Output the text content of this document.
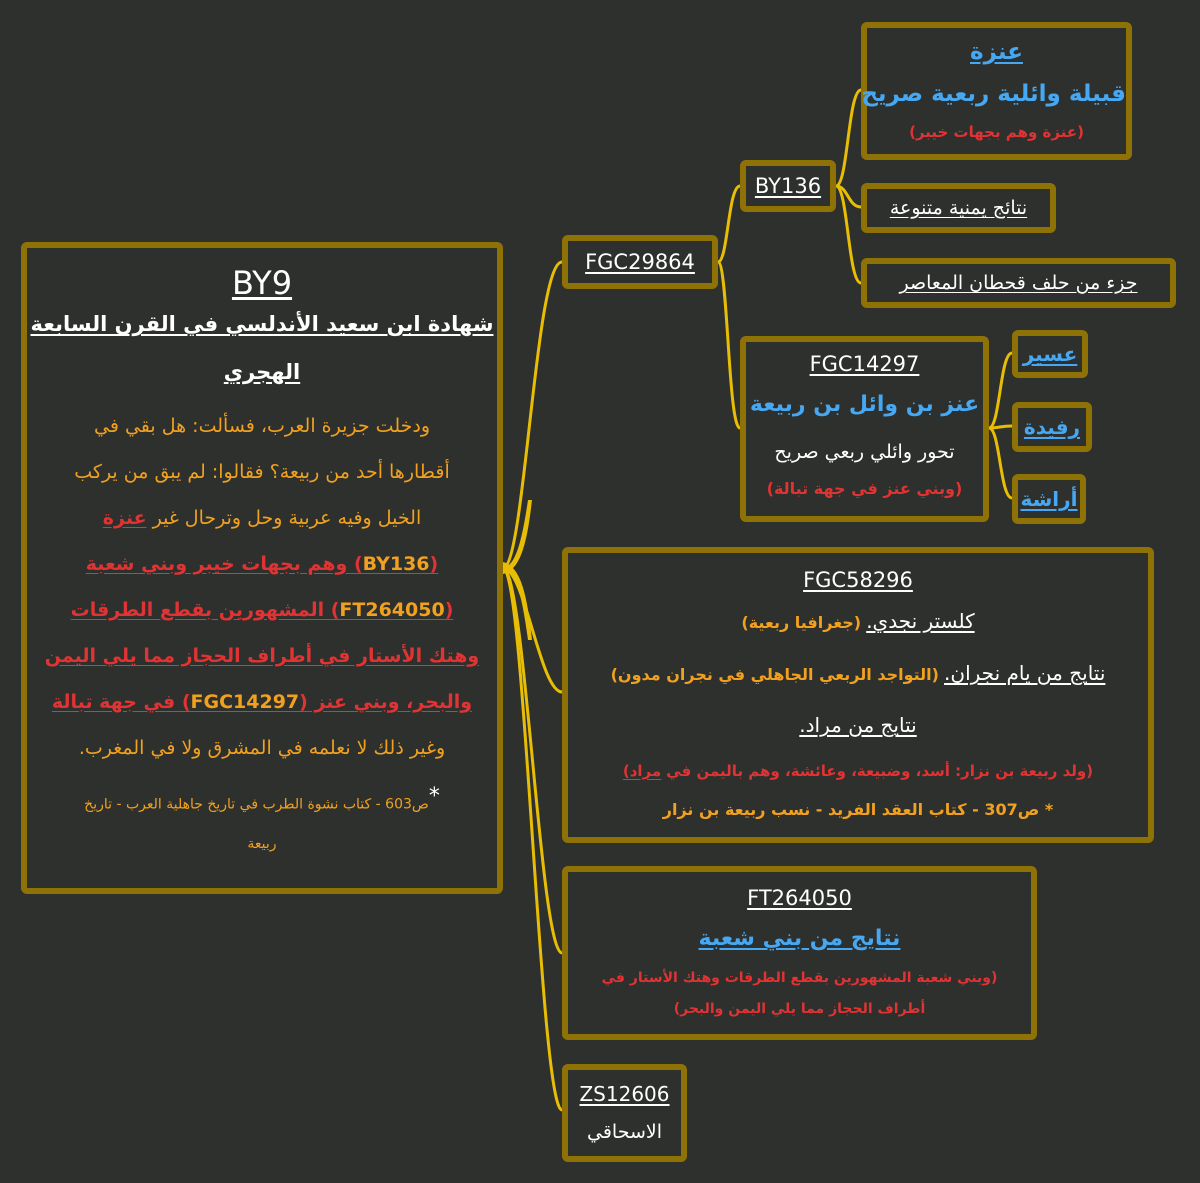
BY9
شهادة ابن سعيد الأندلسي في القرن السابعة
الهجري
ودخلت جزيرة العرب، فسألت: هل بقي في
أقطارها أحد من ربيعة؟ فقالوا: لم يبق من يركب
الخيل وفيه عربية وحل وترحال غير عنزة
(BY136) وهم بجهات خيبر وبني شعبة
(FT264050) المشهورين بقطع الطرقات
وهتك الأستار في أطراف الحجاز مما يلي اليمن
والبحر، وبني عنز (FGC14297) في جهة تبالة
وغير ذلك لا نعلمه في المشرق ولا في المغرب.
*ص603 - كتاب نشوة الطرب في تاريخ جاهلية العرب - تاريخ
ربيعة
FGC29864
BY136
عنزة
قبيلة وائلية ربعية صريح
(عنزة وهم بجهات خيبر)
نتائج يمنية متنوعة
جزء من حلف قحطان المعاصر
FGC14297
عنز بن وائل بن ربيعة
تحور وائلي ربعي صريح
(وبني عنز في جهة تبالة)
عسير
رفيدة
أراشة
FGC58296
كلستر نجدي. (جغرافيا ربعية)
نتايج من يام نجران. (التواجد الربعي الجاهلي في نجران مدون)
نتايج من مراد.
(ولد ربيعة بن نزار: أسد، وضبيعة، وعائشة، وهم باليمن في مراد)
* ص307 - كتاب العقد الفريد - نسب ربيعة بن نزار
FT264050
نتايج من بني شعبة
(وبني شعبة المشهورين بقطع الطرقات وهتك الأستار في
أطراف الحجاز مما يلي اليمن والبحر)
ZS12606
الاسحاقي
